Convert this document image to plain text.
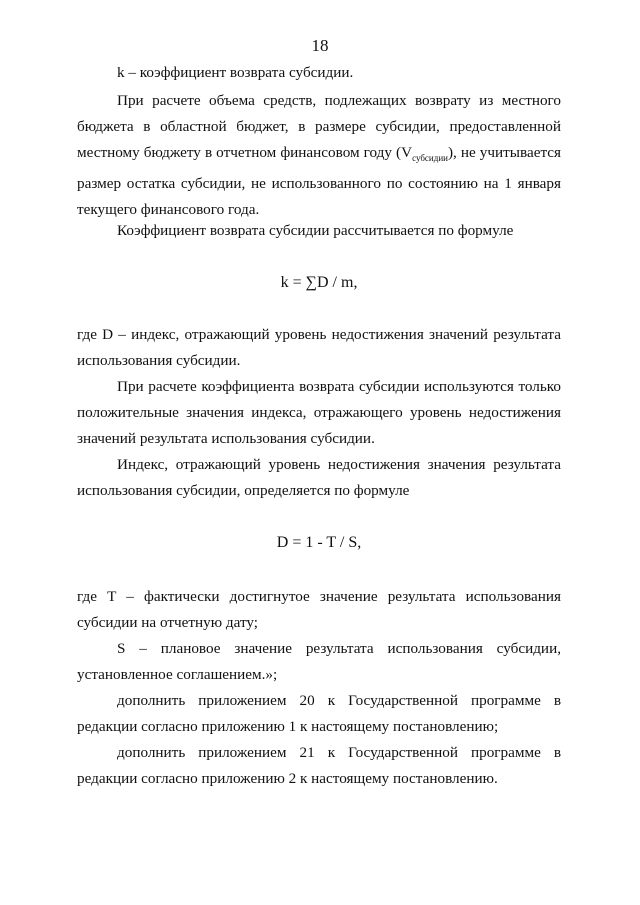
18

k – коэффициент возврата субсидии.

При расчете объема средств, подлежащих возврату из местного бюджета в областной бюджет, в размере субсидии, предоставленной местному бюджету в отчетном финансовом году $(V_{субсидии})$, не учитывается размер остатка субсидии, не использованного по состоянию на 1 января текущего финансового года.

Коэффициент возврата субсидии рассчитывается по формуле

k = ∑D / m,

где D – индекс, отражающий уровень недостижения значений результата использования субсидии.

При расчете коэффициента возврата субсидии используются только положительные значения индекса, отражающего уровень недостижения значений результата использования субсидии.

Индекс, отражающий уровень недостижения значения результата использования субсидии, определяется по формуле

D = 1 - T / S,

где T – фактически достигнутое значение результата использования субсидии на отчетную дату;

S – плановое значение результата использования субсидии, установленное соглашением.»;

дополнить приложением 20 к Государственной программе в редакции согласно приложению 1 к настоящему постановлению;

дополнить приложением 21 к Государственной программе в редакции согласно приложению 2 к настоящему постановлению.
